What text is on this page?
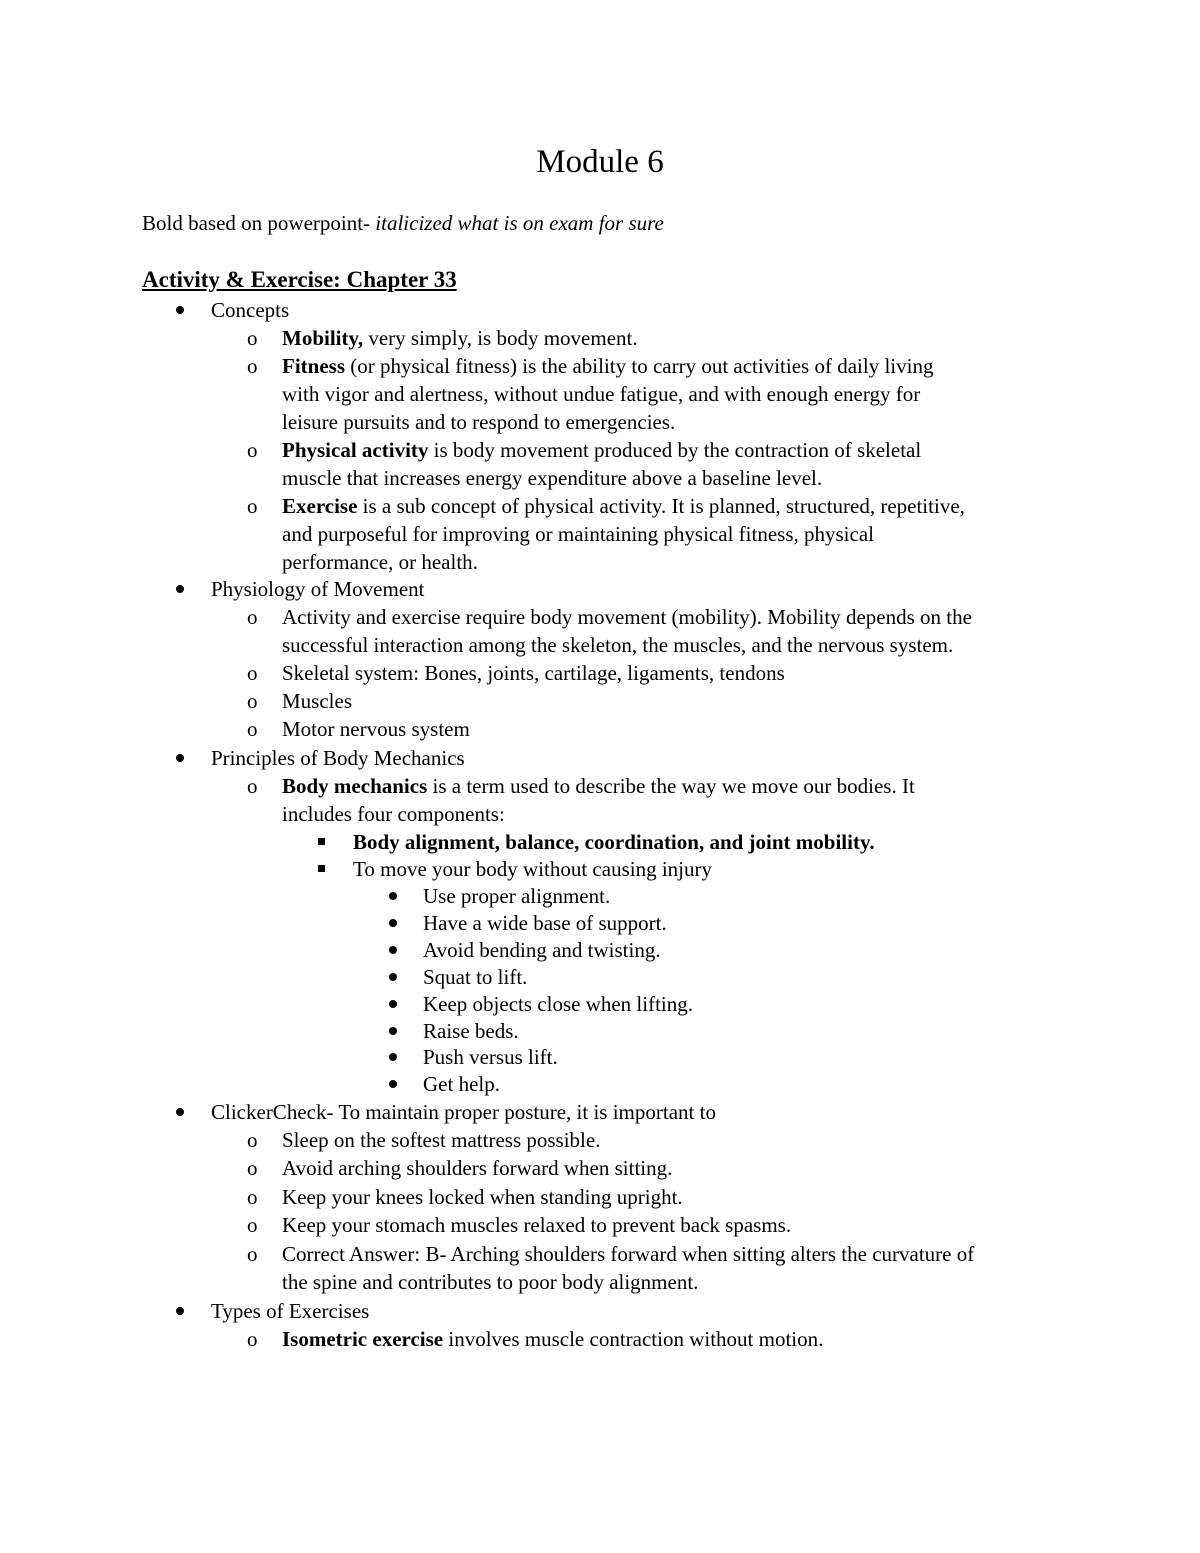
Module 6
Bold based on powerpoint- italicized what is on exam for sure
Activity & Exercise: Chapter 33
Concepts
o Mobility, very simply, is body movement.
o Fitness (or physical fitness) is the ability to carry out activities of daily living
with vigor and alertness, without undue fatigue, and with enough energy for
leisure pursuits and to respond to emergencies.
o Physical activity is body movement produced by the contraction of skeletal
muscle that increases energy expenditure above a baseline level.
o Exercise is a sub concept of physical activity. It is planned, structured, repetitive,
and purposeful for improving or maintaining physical fitness, physical
performance, or health.
Physiology of Movement
o Activity and exercise require body movement (mobility). Mobility depends on the
successful interaction among the skeleton, the muscles, and the nervous system.
o Skeletal system: Bones, joints, cartilage, ligaments, tendons
o Muscles
o Motor nervous system
Principles of Body Mechanics
o Body mechanics is a term used to describe the way we move our bodies. It
includes four components:
Body alignment, balance, coordination, and joint mobility.
To move your body without causing injury
Use proper alignment.
Have a wide base of support.
Avoid bending and twisting.
Squat to lift.
Keep objects close when lifting.
Raise beds.
Push versus lift.
Get help.
ClickerCheck- To maintain proper posture, it is important to
o Sleep on the softest mattress possible.
o Avoid arching shoulders forward when sitting.
o Keep your knees locked when standing upright.
o Keep your stomach muscles relaxed to prevent back spasms.
o Correct Answer: B- Arching shoulders forward when sitting alters the curvature of
the spine and contributes to poor body alignment.
Types of Exercises
o Isometric exercise involves muscle contraction without motion.
